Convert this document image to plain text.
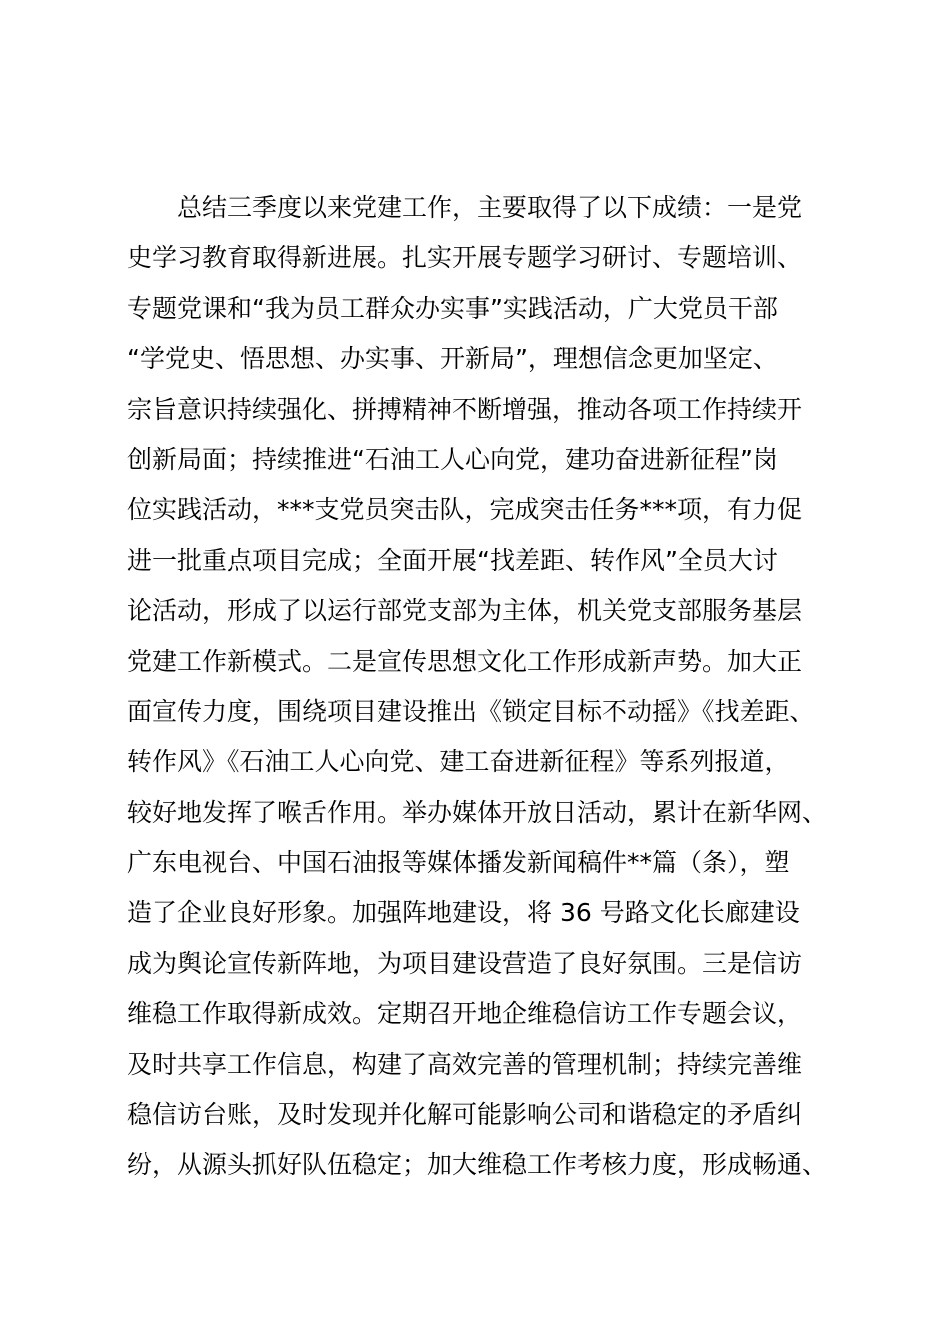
　　总结三季度以来党建工作，主要取得了以下成绩：一是党
史学习教育取得新进展。扎实开展专题学习研讨、专题培训、
专题党课和“我为员工群众办实事”实践活动，广大党员干部
“学党史、悟思想、办实事、开新局”，理想信念更加坚定、
宗旨意识持续强化、拼搏精神不断增强，推动各项工作持续开
创新局面；持续推进“石油工人心向党，建功奋进新征程”岗
位实践活动，***支党员突击队，完成突击任务***项，有力促
进一批重点项目完成；全面开展“找差距、转作风”全员大讨
论活动，形成了以运行部党支部为主体，机关党支部服务基层
党建工作新模式。二是宣传思想文化工作形成新声势。加大正
面宣传力度，围绕项目建设推出《锁定目标不动摇》《找差距、
转作风》《石油工人心向党、建工奋进新征程》等系列报道，
较好地发挥了喉舌作用。举办媒体开放日活动，累计在新华网、
广东电视台、中国石油报等媒体播发新闻稿件**篇（条），塑
造了企业良好形象。加强阵地建设，将 36 号路文化长廊建设
成为舆论宣传新阵地，为项目建设营造了良好氛围。三是信访
维稳工作取得新成效。定期召开地企维稳信访工作专题会议，
及时共享工作信息，构建了高效完善的管理机制；持续完善维
稳信访台账，及时发现并化解可能影响公司和谐稳定的矛盾纠
纷，从源头抓好队伍稳定；加大维稳工作考核力度，形成畅通、
